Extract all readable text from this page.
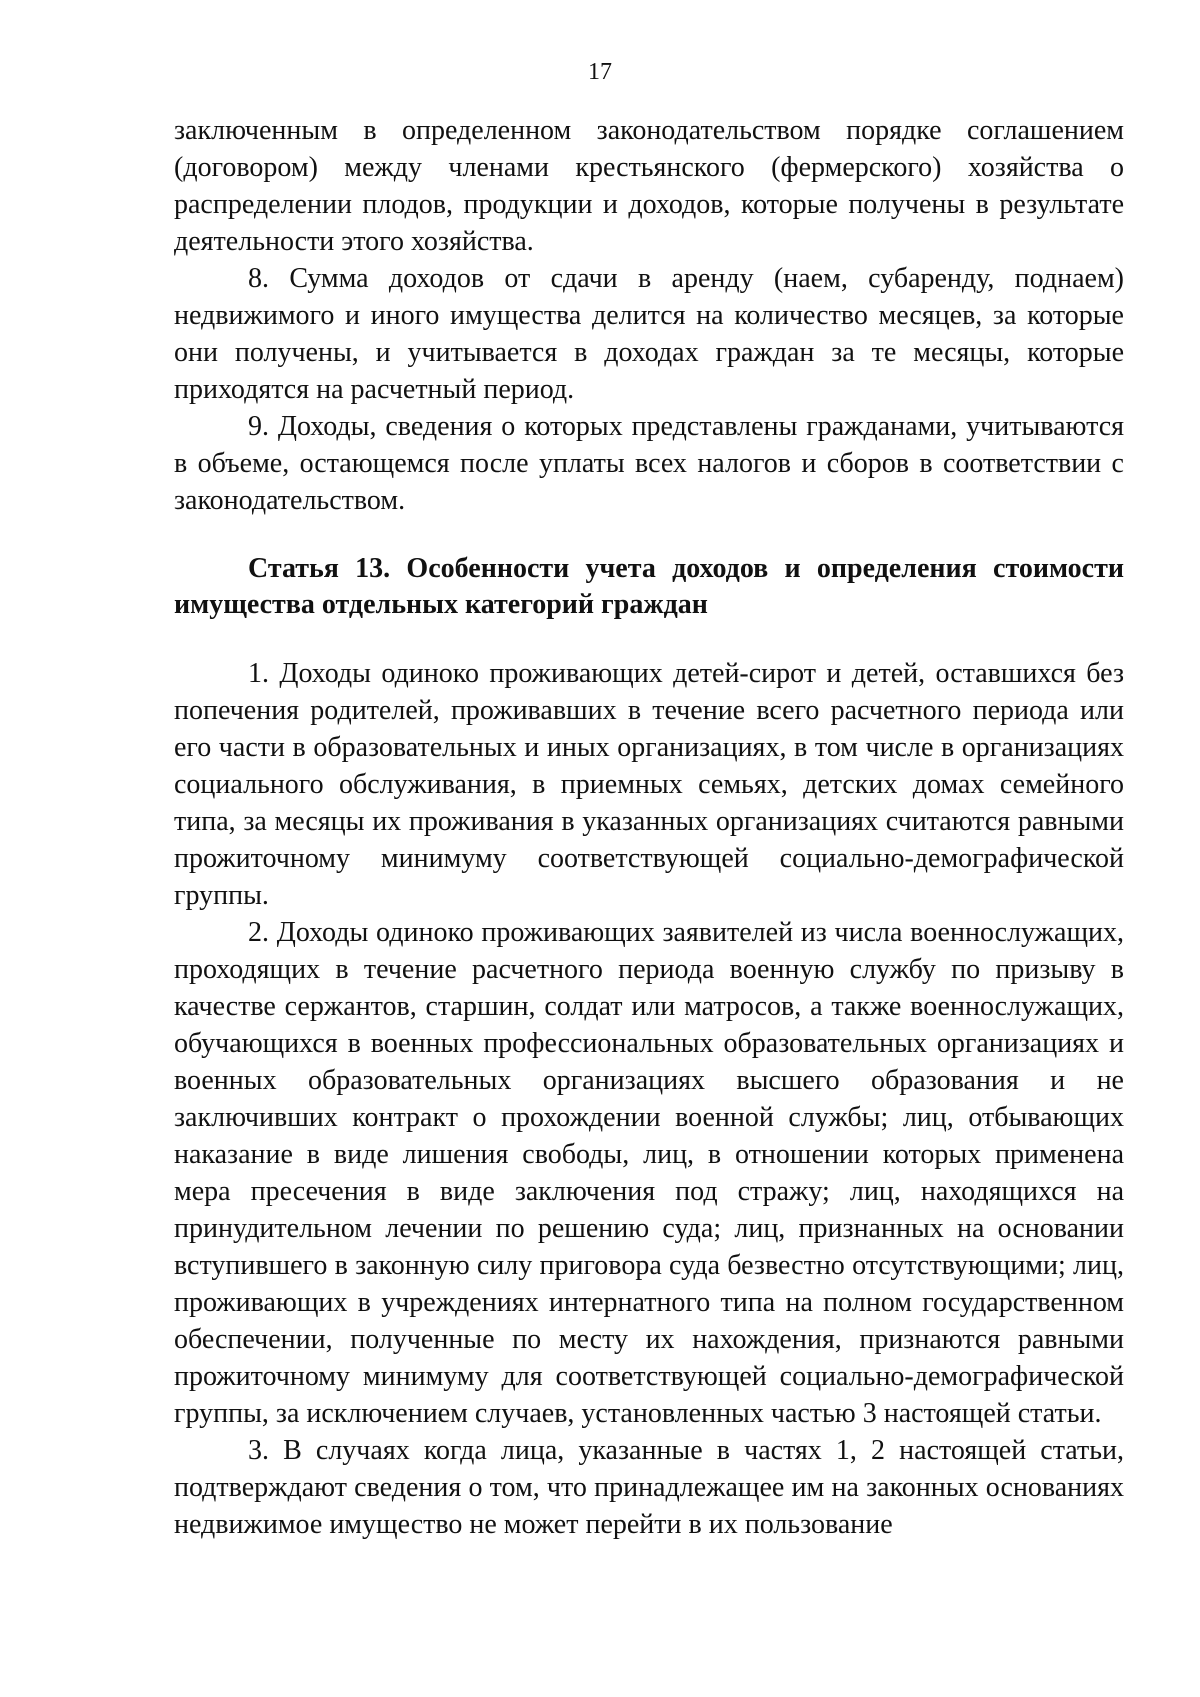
17

заключенным в определенном законодательством порядке соглашением (договором) между членами крестьянского (фермерского) хозяйства о распределении плодов, продукции и доходов, которые получены в результате деятельности этого хозяйства.

8. Сумма доходов от сдачи в аренду (наем, субаренду, поднаем) недвижимого и иного имущества делится на количество месяцев, за которые они получены, и учитывается в доходах граждан за те месяцы, которые приходятся на расчетный период.

9. Доходы, сведения о которых представлены гражданами, учитываются в объеме, остающемся после уплаты всех налогов и сборов в соответствии с законодательством.

Статья 13. Особенности учета доходов и определения стоимости имущества отдельных категорий граждан

1. Доходы одиноко проживающих детей-сирот и детей, оставшихся без попечения родителей, проживавших в течение всего расчетного периода или его части в образовательных и иных организациях, в том числе в организациях социального обслуживания, в приемных семьях, детских домах семейного типа, за месяцы их проживания в указанных организациях считаются равными прожиточному минимуму соответствующей социально-демографической группы.

2. Доходы одиноко проживающих заявителей из числа военнослужащих, проходящих в течение расчетного периода военную службу по призыву в качестве сержантов, старшин, солдат или матросов, а также военнослужащих, обучающихся в военных профессиональных образовательных организациях и военных образовательных организациях высшего образования и не заключивших контракт о прохождении военной службы; лиц, отбывающих наказание в виде лишения свободы, лиц, в отношении которых применена мера пресечения в виде заключения под стражу; лиц, находящихся на принудительном лечении по решению суда; лиц, признанных на основании вступившего в законную силу приговора суда безвестно отсутствующими; лиц, проживающих в учреждениях интернатного типа на полном государственном обеспечении, полученные по месту их нахождения, признаются равными прожиточному минимуму для соответствующей социально-демографической группы, за исключением случаев, установленных частью 3 настоящей статьи.

3. В случаях когда лица, указанные в частях 1, 2 настоящей статьи, подтверждают сведения о том, что принадлежащее им на законных основаниях недвижимое имущество не может перейти в их пользование
